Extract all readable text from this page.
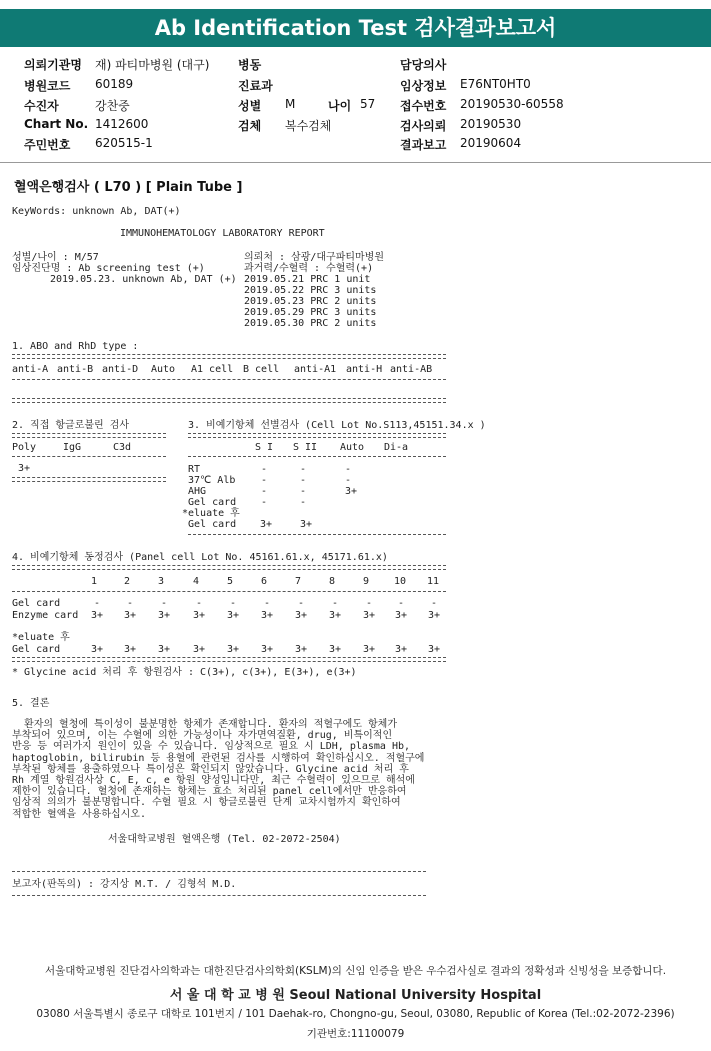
Ab Identification Test 검사결과보고서
의뢰기관명 재) 파티마병원 (대구) 병동	담당의사
병원코드 60189	진료과	임상정보 E76NT0HT0
수진자	강찬중	성별 M	나이 57 접수번호 20190530-60558
Chart No. 1412600	검체 복수검체	검사의뢰 20190530
주민번호 620515-1	결과보고 20190604
혈액은행검사 ( L70 ) [ Plain Tube ]
KeyWords: unknown Ab, DAT(+)
IMMUNOHEMATOLOGY LABORATORY REPORT
성별/나이 : M/57
임상진단명 : Ab screening test (+)
2019.05.23. unknown Ab, DAT (+)
의뢰처 : 삼광/대구파티마병원
과거력/수혈력 : 수혈력(+)
2019.05.21 PRC 1 unit
2019.05.22 PRC 3 units
2019.05.23 PRC 2 units
2019.05.29 PRC 3 units
2019.05.30 PRC 2 units
1. ABO and RhD type :
anti-A anti-B anti-D Auto A1 cell B cell anti-A1 anti-H anti-AB
2. 직접 항글로불린 검사
Poly	IgG	C3d
3+
3. 비예기항체 선별검사 (Cell Lot No.S113,45151.34.x )
S I S II Auto Di-a
RT	-	-	-
37℃ Alb	-	-	-
AHG	-	-	3+
Gel card -	-
*eluate 후
Gel card 3+	3+
4. 비예기항체 동정검사 (Panel cell Lot No. 45161.61.x, 45171.61.x)
1	2	3	4	5	6	7	8	9 10 11
Gel card	-	-	-	-	-	-	-	-	-	-	-
Enzyme card	3+	3+	3+	3+	3+	3+	3+	3+	3+	3+	3+
*eluate 후
Gel card	3+	3+	3+	3+	3+	3+	3+	3+	3+	3+	3+
* Glycine acid 처리 후 항원검사 : C(3+), c(3+), E(3+), e(3+)
5. 결론
환자의 혈청에 특이성이 불분명한 항체가 존재합니다. 환자의 적혈구에도 항체가
부착되어 있으며, 이는 수혈에 의한 가능성이나 자가면역질환, drug, 비특이적인
반응 등 여러가지 원인이 있을 수 있습니다. 임상적으로 필요 시 LDH, plasma Hb,
haptoglobin, bilirubin 등 용혈에 관련된 검사를 시행하여 확인하십시오. 적혈구에
부착된 항체를 용출하였으나 특이성은 확인되지 않았습니다. Glycine acid 처리 후
Rh 계열 항원검사상 C, E, c, e 항원 양성입니다만, 최근 수혈력이 있으므로 해석에
제한이 있습니다. 혈청에 존재하는 항체는 효소 처리된 panel cell에서만 반응하여
임상적 의의가 불분명합니다. 수혈 필요 시 항글로불린 단계 교차시험까지 확인하여
적합한 혈액을 사용하십시오.
서울대학교병원 혈액은행 (Tel. 02-2072-2504)
보고자(판독의) : 강지상 M.T. / 김형석 M.D.
서울대학교병원 진단검사의학과는 대한진단검사의학회(KSLM)의 신임 인증을 받은 우수검사실로 결과의 정확성과 신빙성을 보증합니다.
서 울 대 학 교 병 원 Seoul National University Hospital
03080 서울특별시 종로구 대학로 101번지 / 101 Daehak-ro, Chongno-gu, Seoul, 03080, Republic of Korea (Tel.:02-2072-2396)
기관번호:11100079
